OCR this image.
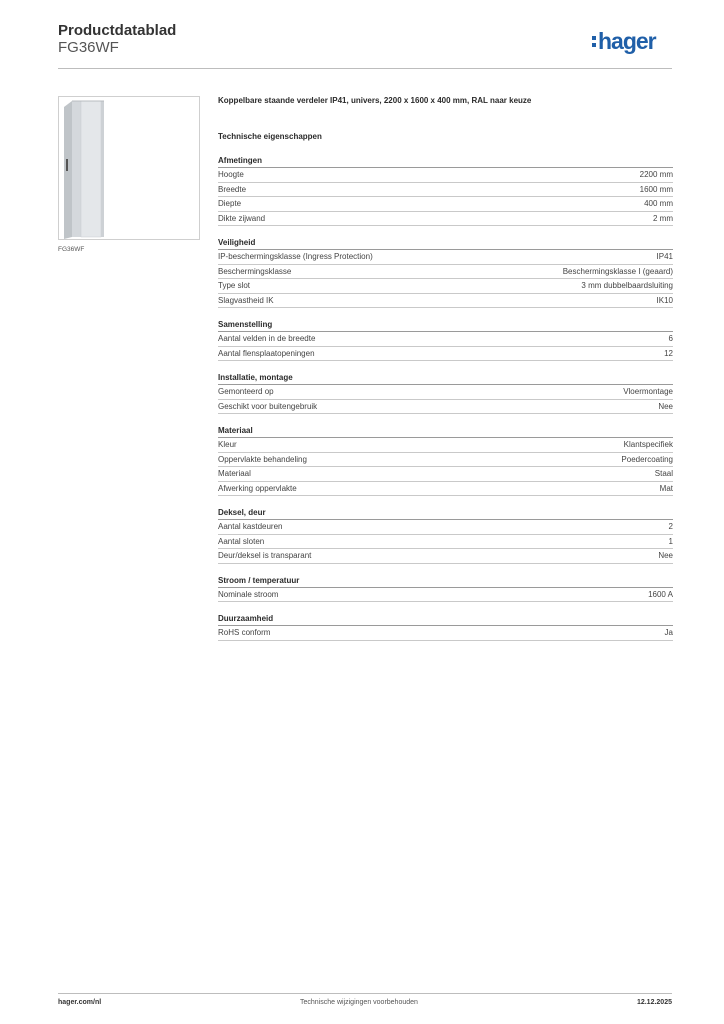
Productdatablad
FG36WF	hager
FG36WF
Koppelbare staande verdeler IP41, univers, 2200 x 1600 x 400 mm, RAL naar keuze
Technische eigenschappen
Afmetingen
Hoogte	2200 mm
Breedte	1600 mm
Diepte	400 mm
Dikte zijwand	2 mm
Veiligheid
IP-beschermingsklasse (Ingress Protection)	IP41
Beschermingsklasse	Beschermingsklasse I (geaard)
Type slot	3 mm dubbelbaardsluiting
Slagvastheid IK	IK10
Samenstelling
Aantal velden in de breedte	6
Aantal flensplaatopeningen	12
Installatie, montage
Gemonteerd op	Vloermontage
Geschikt voor buitengebruik	Nee
Materiaal
Kleur	Klantspecifiek
Oppervlakte behandeling	Poedercoating
Materiaal	Staal
Afwerking oppervlakte	Mat
Deksel, deur
Aantal kastdeuren	2
Aantal sloten	1
Deur/deksel is transparant	Nee
Stroom / temperatuur
Nominale stroom	1600 A
Duurzaamheid
RoHS conform	Ja
hager.com/nl	Technische wijzigingen voorbehouden	12.12.2025
